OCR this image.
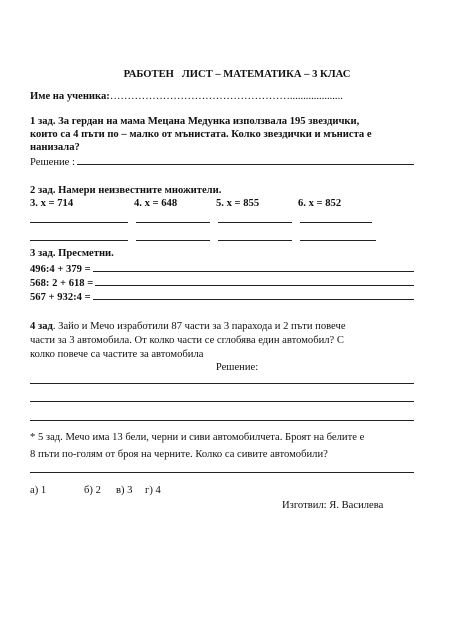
РАБОТЕН   ЛИСТ – МАТЕМАТИКА – 3 КЛАС
Име на ученика:……………………………………………....................
1 зад. За гердан на мама Мецана Медунка използвала 195 звездички,
които са 4 пъти по – малко от мънистата. Колко звездички и мъниста е
нанизала?
Решение :
2 зад. Намери неизвестните множители.
3. x = 714	4. x = 648	5. x = 855	6. x = 852
3 зад. Пресметни.
496:4 + 379 =
568: 2 + 618 =
567 + 932:4 =
4 зад. Зайо и Мечо изработили 87 части за 3 парахода и 2 пъти повече
части за 3 автомобила. От колко части се сглобява един автомобил? С
колко повече са частите за автомобила
Решение:
* 5 зад. Мечо има 13 бели, черни и сиви автомобилчета. Броят на белите е
8 пъти по-голям от броя на черните. Колко са сивите автомобили?
а) 1	б) 2 в) 3 г) 4
Изготвил: Я. Василева
